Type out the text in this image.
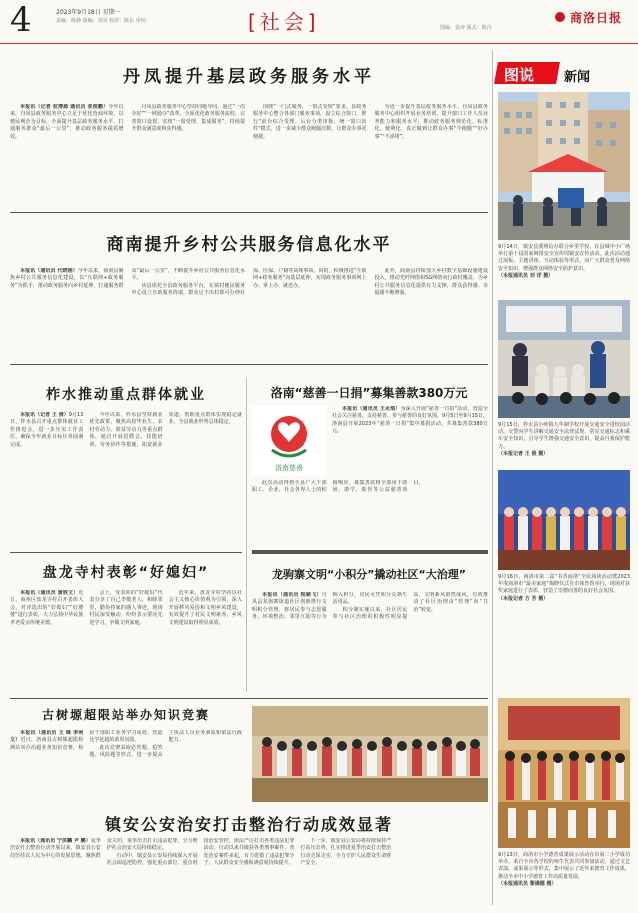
4	2023年9月18日 星期一
责编：陈静 版编：刘亮 校对：陈东 审校：	[社会]	图编：姜涛 版式：陈丹
商洛日报
丹凤提升基层政务服务水平

本报讯（记者 杭博源 通讯员 张俊鹏）今年以来，丹凤县政务服务中心立足于优化营商环境，以便民利企为目标，全面提升基层政务服务水平，打通服务群众“最后一公里”，推动政务服务提质增效。

丹凤县政务服务中心坚持问题导向，通过“一次办好”“一网通办”改革，全面优化政务服务流程，完善窗口设置，实现“一窗受理、集成服务”，持续提升群众满意度和获得感。

围绕“一门式服务、一窗式受理”要求，县政务服务中心整合各部门服务事项，设立综合窗口，推行“前台综合受理、后台分类审批、统一窗口出件”模式，进一步减少群众跑腿次数，让群众办事更便捷。

为进一步提升基层政务服务水平，丹凤县政务服务中心组织开展业务培训，提升窗口工作人员业务能力和服务水平，推动政务服务规范化、标准化、便利化，真正做到让群众办事“少跑腿”“好办事”“不添堵”。

商南提升乡村公共服务信息化水平

本报讯（通讯员 代晓刚）今年以来，商南县聚焦乡村公共服务信息化建设，以“互联网+政务服务”为抓手，推动政务服务向乡村延伸，打通服务群众“最后一公里”，不断提升乡村公共服务信息化水平。

该县依托全县政务服务平台，在镇村便民服务中心设立自助服务终端，群众足不出村即可办理社保、医保、户籍等高频事项。同时，积极推进“互联网+政务服务”向基层延伸，实现政务服务事项网上办、掌上办、就近办。

此外，商南县持续加大乡村数字基础设施建设投入，推动光纤网络和5G网络向行政村覆盖，为乡村公共服务信息化提供有力支撑，群众获得感、幸福感不断增强。

图说 新闻
9月14日，镇安县委网信办联合乡里学校，在县城中小广场举行第十届国家网络安全宣传周镇安宣传活动。此次活动通过展板、主题讲座、互动体验等形式，向广大群众普及网络安全知识，增强群众网络安全防护意识。
（本报通讯员 刘 洋 摄）
9月15日，柞水县小岭镇九年制学校开展交通安全进校园活动。交警向学生讲解交通安全法律法规、常见交通标志和乘车安全知识，引导学生增强交通安全意识，提高自我保护能力。
（本报记者 王 俊 摄）
9月16日，商洛市第二届“书香商洛”全民阅读活动暨2023年度商洛市“最美家庭”揭晓仪式在市体育馆举行，现场对获奖家庭进行了表彰，营造了崇德向善的良好社会氛围。
（本报记者 方 芳 摄）
9月13日，商洛市小学德育成果展示活动在市第二小学成功举办。来自全市各学校的师生代表共同参加活动，通过文艺表演、成果展示等形式，集中展示了近年来德育工作成果，推动全市中小学德育工作高质量发展。
（本报通讯员 黎满德 摄）
柞水推动重点群体就业

本报讯（记者 王 倩）9月13日，柞水县召开重点群体就业工作推进会，进一步压实工作责任，确保全年就业目标任务圆满完成。

今年以来，柞水县坚持就业优先政策，聚焦高校毕业生、农村劳动力、脱贫劳动力等重点群体，通过开展招聘会、技能培训、劳务协作等措施，拓宽就业渠道，帮助重点群体实现稳定就业，全县就业形势总体稳定。

洛南“慈善一日捐”募集善款380万元
洛南慈善

本报讯（通讯员 王永琪）为深入开展“慈善一日捐”活动，营造全社会关注慈善、支持慈善、参与慈善的良好氛围，9月5日至9月15日，洛南县开展2023年“慈善一日捐”集中募捐活动，共募集善款380万元。

此次活动得到全县广大干部职工、企业、社会各界人士的积极响应，募集善款将全部用于助困、助学、助医等公益慈善项目。

盘龙寺村表彰“好媳妇”

本报讯（通讯员 黄胜文）近日，商州区盘龙寺村召开表彰大会，对评选出的“好媳妇”“好婆婆”进行表彰，大力弘扬中华民族孝老爱亲传统美德。

会上，受表彰的“好媳妇”代表分享了自己孝敬老人、和睦邻里、勤俭持家的感人事迹，现场村民深受触动，纷纷表示要向先进学习，争做文明家庭。

近年来，盘龙寺村坚持以社会主义核心价值观为引领，深入开展移风易俗和文明乡风建设，有效提升了村民文明素养，乡风文明建设取得明显成效。

龙驹寨文明“小积分”撬动社区“大治理”

本报讯（通讯员 程颖飞）丹凤县龙驹寨街道社区创新推行文明积分管理，将居民参与志愿服务、环境整治、邻里互助等行为纳入积分，居民可凭积分兑换生活用品。

积分制实施以来，社区居民参与社区治理的积极性明显提高，文明新风蔚然成风，有效推动了社区治理由“管理”向“共治”转变。

古树塬超限站举办知识竞赛

本报讯（通讯员 王 锋 李利文）近日，洛南县古树塬超限检测站举办治超业务知识竞赛，检验干部职工业务学习成效，营造比学赶超的浓厚氛围。

此次竞赛采取必答题、抢答题、风险题等形式，进一步提高了执法人员业务素质和依法行政能力。

镇安公安治安打击整治行动成效显著

本报讯（通讯员 宁洪麟 尹 鹏）夏季治安打击整治行动开展以来，镇安县公安局坚持以人民为中心的发展思想，聚焦群众关切，重拳出击打击违法犯罪，全力维护社会治安大局持续稳定。

行动中，镇安县公安局持续深入开展社会面巡逻防控，强化重点部位、重点时段治安管控，依法严厉打击各类违法犯罪活动，行动以来共破获各类刑事案件、查处治安案件多起，有力震慑了违法犯罪分子，人民群众安全感和满意度持续提升。

下一步，镇安县公安局将持续保持严打高压态势，扎实推进夏季治安打击整治行动走深走实，全力守护人民群众生命财产安全。
